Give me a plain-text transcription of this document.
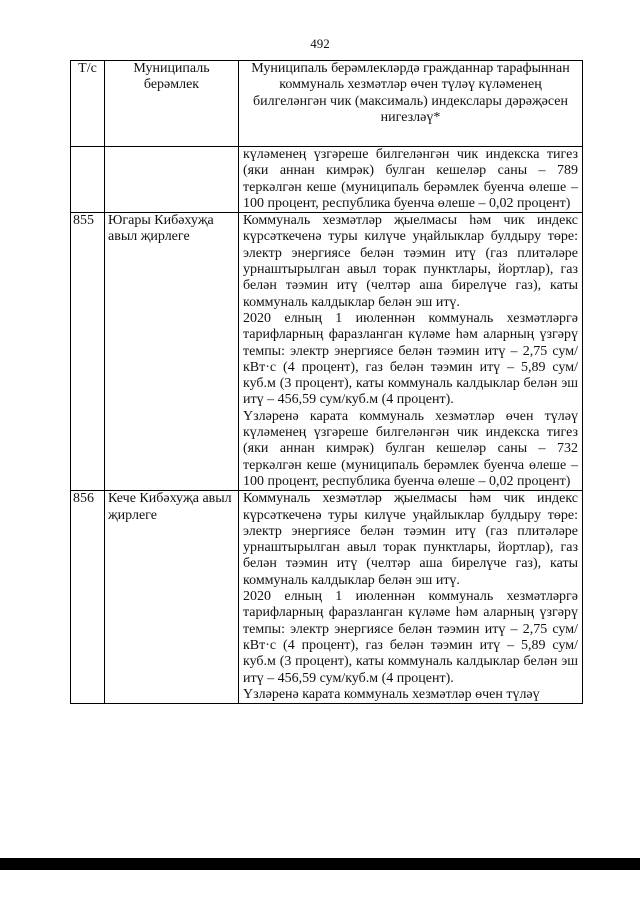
492
Т/с	Муниципаль берәмлек	Муниципаль берәмлекләрдә гражданнар тарафыннан коммуналь хезмәтләр өчен түләү күләменең билгеләнгән чик (максималь) индекслары дәрәҗәсен нигезләү*

		күләменең үзгәреше билгеләнгән чик индекска тигез (яки аннан кимрәк) булган кешеләр саны – 789 теркәлгән кеше (муниципаль берәмлек буенча өлеше – 100 процент, республика буенча өлеше – 0,02 процент)

855	Югары Кибәхуҗа авыл җирлеге	Коммуналь хезмәтләр җыелмасы һәм чик индекс күрсәткеченә туры килүче уңайлыклар булдыру төре: электр энергиясе белән тәэмин итү (газ плитәләре урнаштырылган авыл торак пунктлары, йортлар), газ белән тәэмин итү (челтәр аша бирелүче газ), каты коммуналь калдыклар белән эш итү.

2020 елның 1 июленнән коммуналь хезмәтләргә тарифларның фаразланган күләме һәм аларның үзгәрү темпы: электр энергиясе белән тәэмин итү – 2,75 сум/кВт·с (4 процент), газ белән тәэмин итү – 5,89 сум/куб.м (3 процент), каты коммуналь калдыклар белән эш итү – 456,59 сум/куб.м (4 процент).

Үзләренә карата коммуналь хезмәтләр өчен түләү күләменең үзгәреше билгеләнгән чик индекска тигез (яки аннан кимрәк) булган кешеләр саны – 732 теркәлгән кеше (муниципаль берәмлек буенча өлеше – 100 процент, республика буенча өлеше – 0,02 процент)

856	Кече Кибәхуҗа авыл җирлеге	Коммуналь хезмәтләр җыелмасы һәм чик индекс күрсәткеченә туры килүче уңайлыклар булдыру төре: электр энергиясе белән тәэмин итү (газ плитәләре урнаштырылган авыл торак пунктлары, йортлар), газ белән тәэмин итү (челтәр аша бирелүче газ), каты коммуналь калдыклар белән эш итү.

2020 елның 1 июленнән коммуналь хезмәтләргә тарифларның фаразланган күләме һәм аларның үзгәрү темпы: электр энергиясе белән тәэмин итү – 2,75 сум/кВт·с (4 процент), газ белән тәэмин итү – 5,89 сум/куб.м (3 процент), каты коммуналь калдыклар белән эш итү – 456,59 сум/куб.м (4 процент).

Үзләренә карата коммуналь хезмәтләр өчен түләү
